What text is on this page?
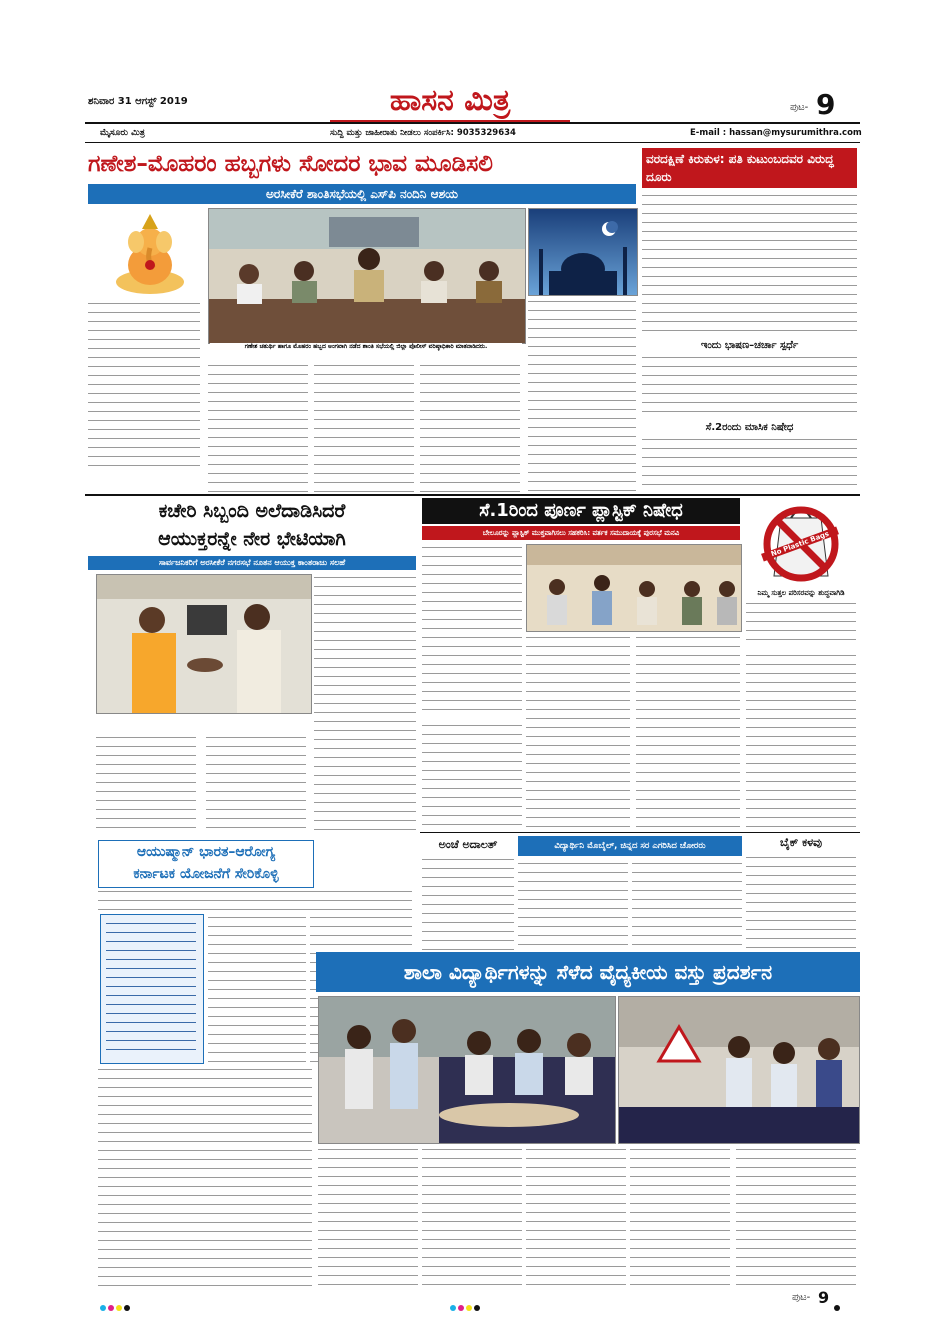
ಶನಿವಾರ 31 ಆಗಸ್ಟ್ 2019	ಹಾಸನ ಮಿತ್ರ	ಪುಟ- 9
ಮೈಸೂರು ಮಿತ್ರ	ಸುದ್ದಿ ಮತ್ತು ಜಾಹೀರಾತು ನೀಡಲು ಸಂಪರ್ಕಿಸಿ: 9035329634	E-mail : hassan@mysurumithra.com
ಗಣೇಶ–ಮೊಹರಂ ಹಬ್ಬಗಳು ಸೋದರ ಭಾವ ಮೂಡಿಸಲಿ
ಅರಸೀಕೆರೆ ಶಾಂತಿಸಭೆಯಲ್ಲಿ ಎಸ್‌ಪಿ ನಂದಿನಿ ಆಶಯ
ಗಣೇಶ ಚತುರ್ಥಿ ಹಾಗೂ ಮೊಹರಂ ಹಬ್ಬದ ಅಂಗವಾಗಿ ನಡೆದ ಶಾಂತಿ ಸಭೆಯಲ್ಲಿ ಜಿಲ್ಲಾ ಪೊಲೀಸ್ ವರಿಷ್ಠಾಧಿಕಾರಿ ಮಾತನಾಡಿದರು.
ವರದಕ್ಷಿಣೆ ಕಿರುಕುಳ: ಪತಿ ಕುಟುಂಬದವರ ವಿರುದ್ಧ ದೂರು
ಇಂದು ಭಾಷಣ–ಚರ್ಚಾ ಸ್ಪರ್ಧೆ
ಸೆ.2ರಂದು ಮಾಸಿಕ ನಿಷೇಧ
ಕಚೇರಿ ಸಿಬ್ಬಂದಿ ಅಲೆದಾಡಿಸಿದರೆ
ಆಯುಕ್ತರನ್ನೇ ನೇರ ಭೇಟಿಯಾಗಿ
ಸಾರ್ವಜನಿಕರಿಗೆ ಅರಸೀಕೆರೆ ನಗರಸಭೆ ನೂತನ ಆಯುಕ್ತ ಕಾಂತರಾಜು ಸಲಹೆ
ಸೆ.1ರಿಂದ ಪೂರ್ಣ ಪ್ಲಾಸ್ಟಿಕ್ ನಿಷೇಧ
ಬೇಲೂರನ್ನು ಪ್ಲಾಸ್ಟಿಕ್ ಮುಕ್ತವಾಗಿಸಲು ಸಹಕರಿಸಿ: ವರ್ತಕ ಸಮುದಾಯಕ್ಕೆ ಪುರಸಭೆ ಮನವಿ	No Plastic Bags
ನಿಮ್ಮ ಸುತ್ತಲ ಪರಿಸರವನ್ನು ಶುದ್ಧವಾಗಿಡಿ
ಆಯುಷ್ಮಾನ್ ಭಾರತ–ಆರೋಗ್ಯ
ಕರ್ನಾಟಕ ಯೋಜನೆಗೆ ಸೇರಿಕೊಳ್ಳಿ
ಅಂಚೆ ಅದಾಲತ್	ವಿದ್ಯಾರ್ಥಿನಿ ಮೊಬೈಲ್, ಚಿನ್ನದ ಸರ ಎಗರಿಸಿದ ಚೋರರು	ಬೈಕ್ ಕಳವು
ಶಾಲಾ ವಿದ್ಯಾರ್ಥಿಗಳನ್ನು ಸೆಳೆದ ವೈದ್ಯಕೀಯ ವಸ್ತು ಪ್ರದರ್ಶನ
ಪುಟ- 9
